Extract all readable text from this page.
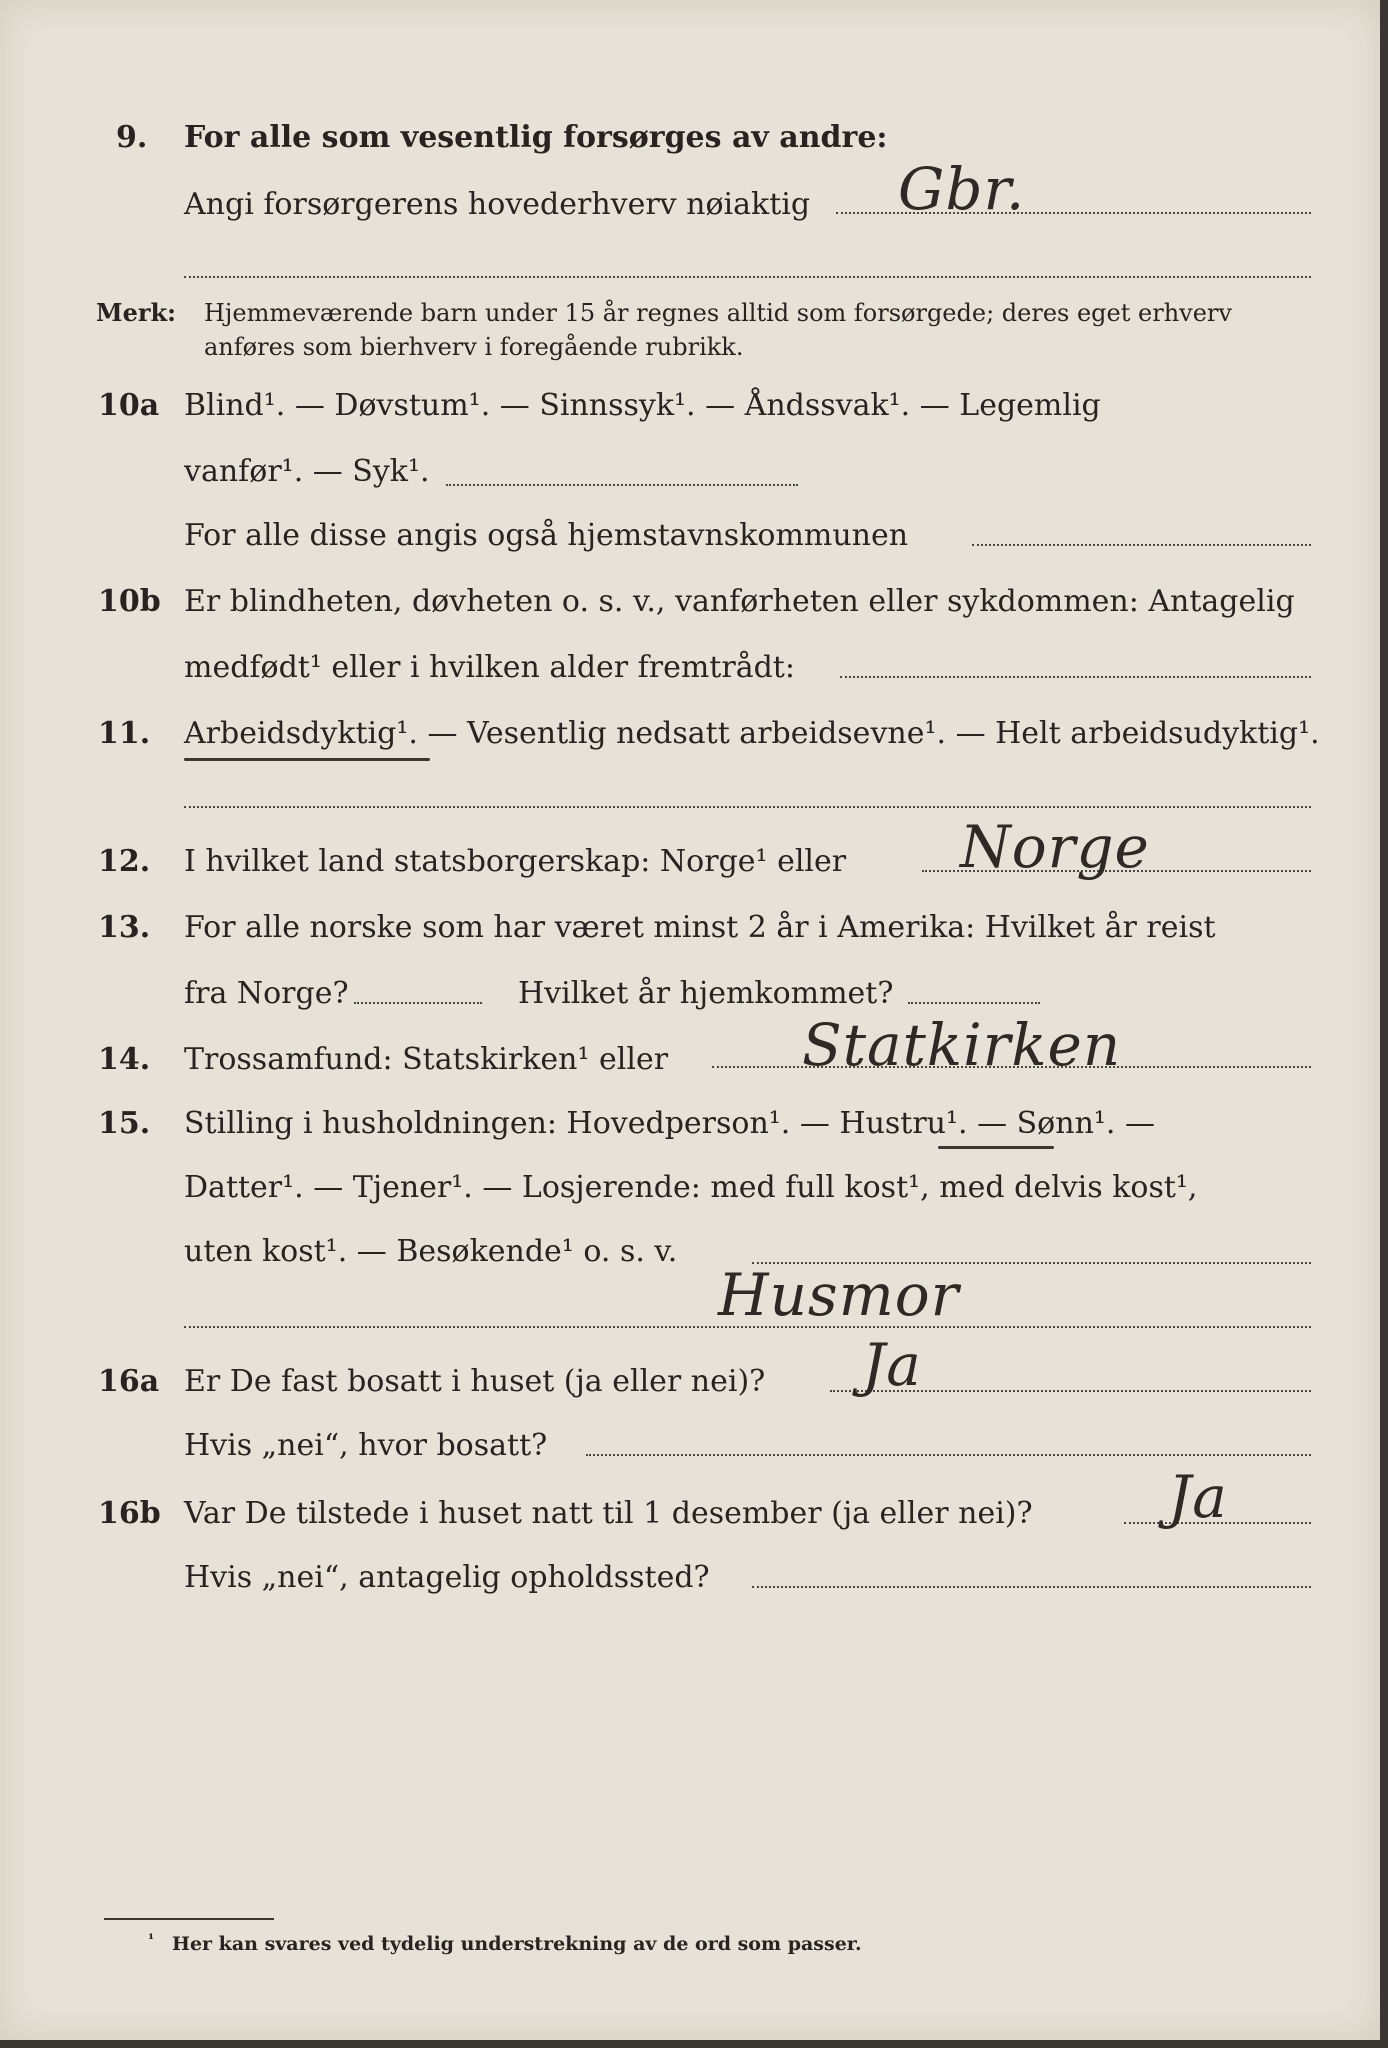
9. For alle som vesentlig forsørges av andre:
Angi forsørgerens hovederhverv nøiaktig Gbr.
Merk: Hjemmeværende barn under 15 år regnes alltid som forsørgede; deres eget erhverv
anføres som bierhverv i foregående rubrikk.
10a Blind¹. — Døvstum¹. — Sinnssyk¹. — Åndssvak¹. — Legemlig
vanfør¹. — Syk¹.
For alle disse angis også hjemstavnskommunen
10b Er blindheten, døvheten o. s. v., vanførheten eller sykdommen: Antagelig
medfødt¹ eller i hvilken alder fremtrådt:
11. Arbeidsdyktig¹. — Vesentlig nedsatt arbeidsevne¹. — Helt arbeidsudyktig¹.
12. I hvilket land statsborgerskap: Norge¹ eller Norge
13. For alle norske som har været minst 2 år i Amerika: Hvilket år reist
fra Norge?	Hvilket år hjemkommet?
14. Trossamfund: Statskirken¹ eller Statkirken
15. Stilling i husholdningen: Hovedperson¹. — Hustru¹. — Sønn¹. —
Datter¹. — Tjener¹. — Losjerende: med full kost¹, med delvis kost¹,
uten kost¹. — Besøkende¹ o. s. v.
Husmor
16a Er De fast bosatt i huset (ja eller nei)? Ja
Hvis „nei“, hvor bosatt?
16b Var De tilstede i huset natt til 1 desember (ja eller nei)? Ja
Hvis „nei“, antagelig opholdssted?
¹ Her kan svares ved tydelig understrekning av de ord som passer.
